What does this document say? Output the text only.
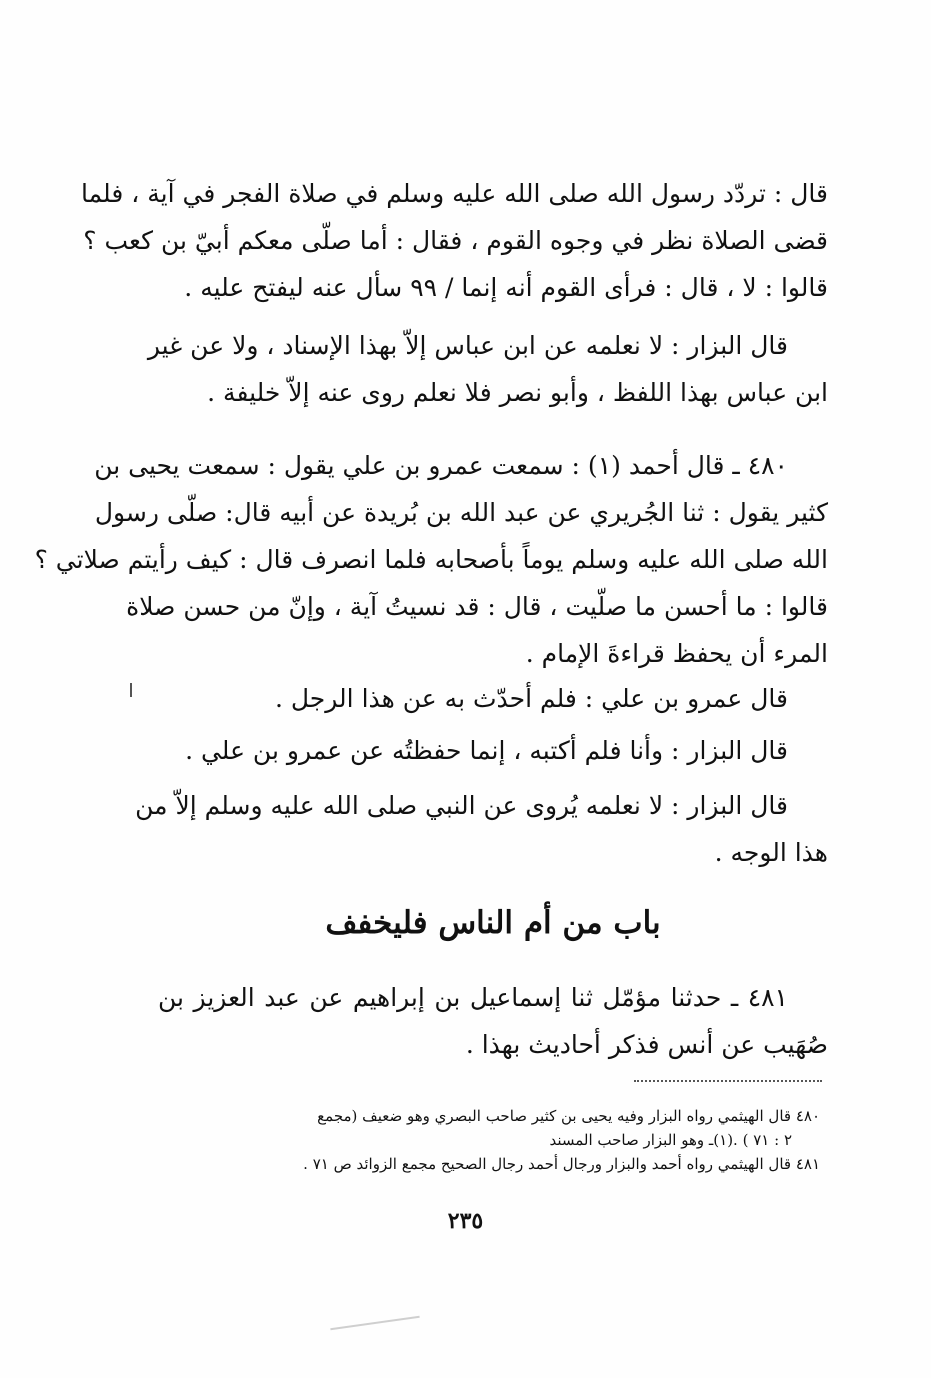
قال : تردّد رسول الله صلى الله عليه وسلم في صلاة الفجر في آية ، فلما
قضى الصلاة نظر في وجوه القوم ، فقال : أما صلّى معكم أبيّ بن كعب ؟
قالوا : لا ، قال : فرأى القوم أنه إنما / ٩٩ سأل عنه ليفتح عليه .
قال البزار : لا نعلمه عن ابن عباس إلاّ بهذا الإسناد ، ولا عن غير
ابن عباس بهذا اللفظ ، وأبو نصر فلا نعلم روى عنه إلاّ خليفة .
٤٨٠ ـ قال أحمد (١) : سمعت عمرو بن علي يقول : سمعت يحيى بن
كثير يقول : ثنا الجُريري عن عبد الله بن بُريدة عن أبيه قال: صلّى رسول
الله صلى الله عليه وسلم يوماً بأصحابه فلما انصرف قال : كيف رأيتم صلاتي ؟
قالوا : ما أحسن ما صلّيت ، قال : قد نسيتُ آية ، وإنّ من حسن صلاة
المرء أن يحفظ قراءةَ الإمام .
قال عمرو بن علي : فلم أحدّث به عن هذا الرجل .
قال البزار : وأنا فلم أكتبه ، إنما حفظتُه عن عمرو بن علي .
قال البزار : لا نعلمه يُروى عن النبي صلى الله عليه وسلم إلاّ من
هذا الوجه .
باب من أم الناس فليخفف
٤٨١ ـ حدثنا مؤمّل ثنا إسماعيل بن إبراهيم عن عبد العزيز بن
صُهَيب عن أنس فذكر أحاديث بهذا .
٤٨٠ قال الهيثمي رواه البزار وفيه يحيى بن كثير صاحب البصري وهو ضعيف (مجمع
٢ : ٧١ ) .(١)ـ وهو البزار صاحب المسند
٤٨١ قال الهيثمي رواه أحمد والبزار ورجال أحمد رجال الصحيح مجمع الزوائد ص ٧١ .
٢٣٥
